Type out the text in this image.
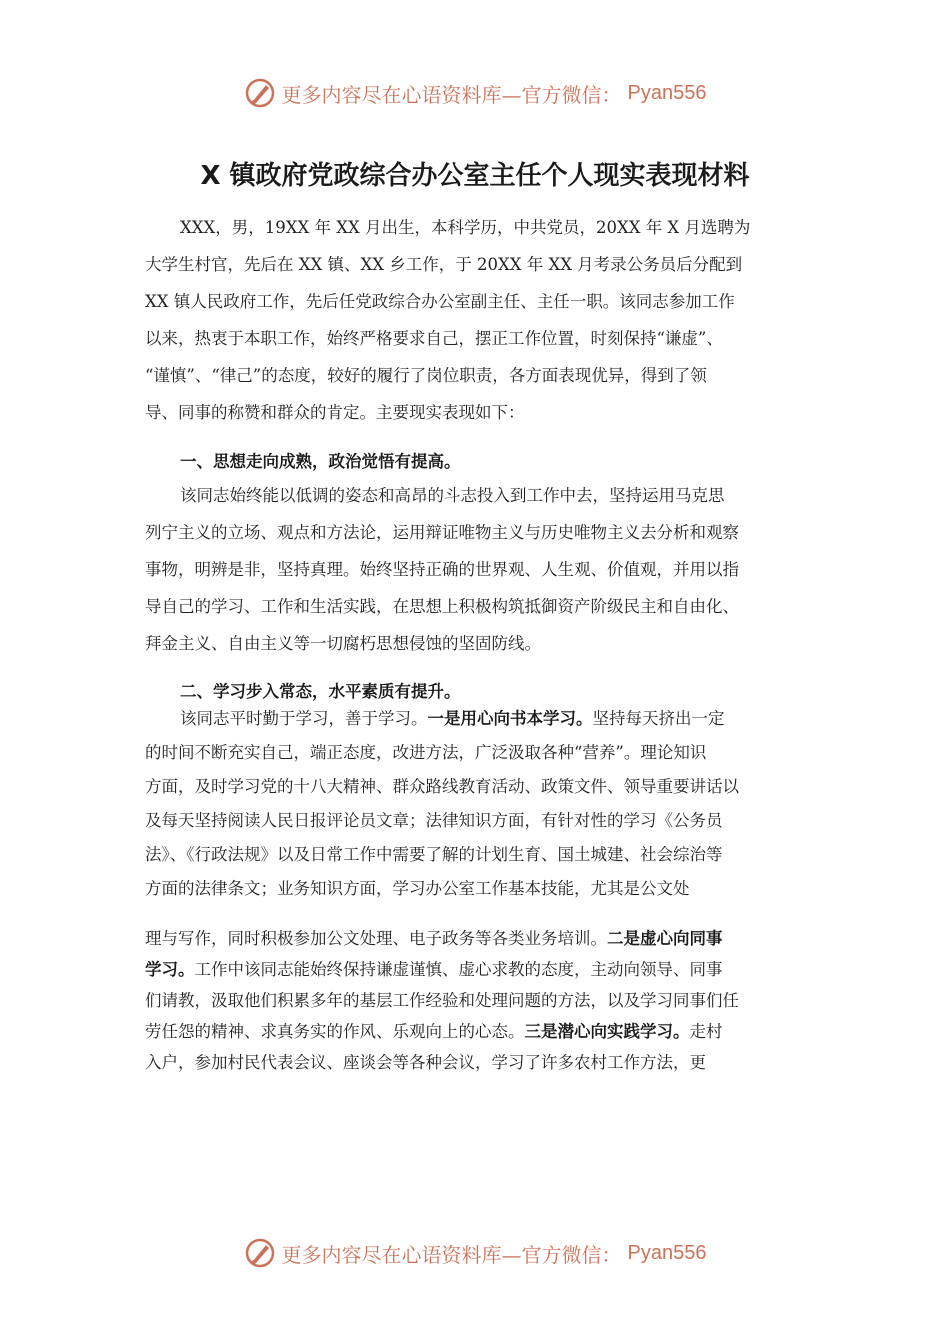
更多内容尽在心语资料库—官方微信： Pyan556
X 镇政府党政综合办公室主任个人现实表现材料
XXX，男，19XX 年 XX 月出生，本科学历，中共党员，20XX 年 X 月选聘为
大学生村官，先后在 XX 镇、XX 乡工作，于 20XX 年 XX 月考录公务员后分配到
XX 镇人民政府工作，先后任党政综合办公室副主任、主任一职。该同志参加工作
以来，热衷于本职工作，始终严格要求自己，摆正工作位置，时刻保持“谦虚”、
“谨慎”、“律己”的态度，较好的履行了岗位职责，各方面表现优异，得到了领
导、同事的称赞和群众的肯定。主要现实表现如下：
一、思想走向成熟，政治觉悟有提高。
该同志始终能以低调的姿态和高昂的斗志投入到工作中去，坚持运用马克思
列宁主义的立场、观点和方法论，运用辩证唯物主义与历史唯物主义去分析和观察
事物，明辨是非，坚持真理。始终坚持正确的世界观、人生观、价值观，并用以指
导自己的学习、工作和生活实践，在思想上积极构筑抵御资产阶级民主和自由化、
拜金主义、自由主义等一切腐朽思想侵蚀的坚固防线。
二、学习步入常态，水平素质有提升。
该同志平时勤于学习，善于学习。一是用心向书本学习。坚持每天挤出一定
的时间不断充实自己，端正态度，改进方法，广泛汲取各种“营养”。理论知识
方面，及时学习党的十八大精神、群众路线教育活动、政策文件、领导重要讲话以
及每天坚持阅读人民日报评论员文章；法律知识方面，有针对性的学习《公务员
法》、《行政法规》以及日常工作中需要了解的计划生育、国土城建、社会综治等
方面的法律条文；业务知识方面，学习办公室工作基本技能，尤其是公文处
理与写作，同时积极参加公文处理、电子政务等各类业务培训。二是虚心向同事
学习。工作中该同志能始终保持谦虚谨慎、虚心求教的态度，主动向领导、同事
们请教，汲取他们积累多年的基层工作经验和处理问题的方法，以及学习同事们任
劳任怨的精神、求真务实的作风、乐观向上的心态。三是潜心向实践学习。走村
入户，参加村民代表会议、座谈会等各种会议，学习了许多农村工作方法，更
更多内容尽在心语资料库—官方微信： Pyan556
